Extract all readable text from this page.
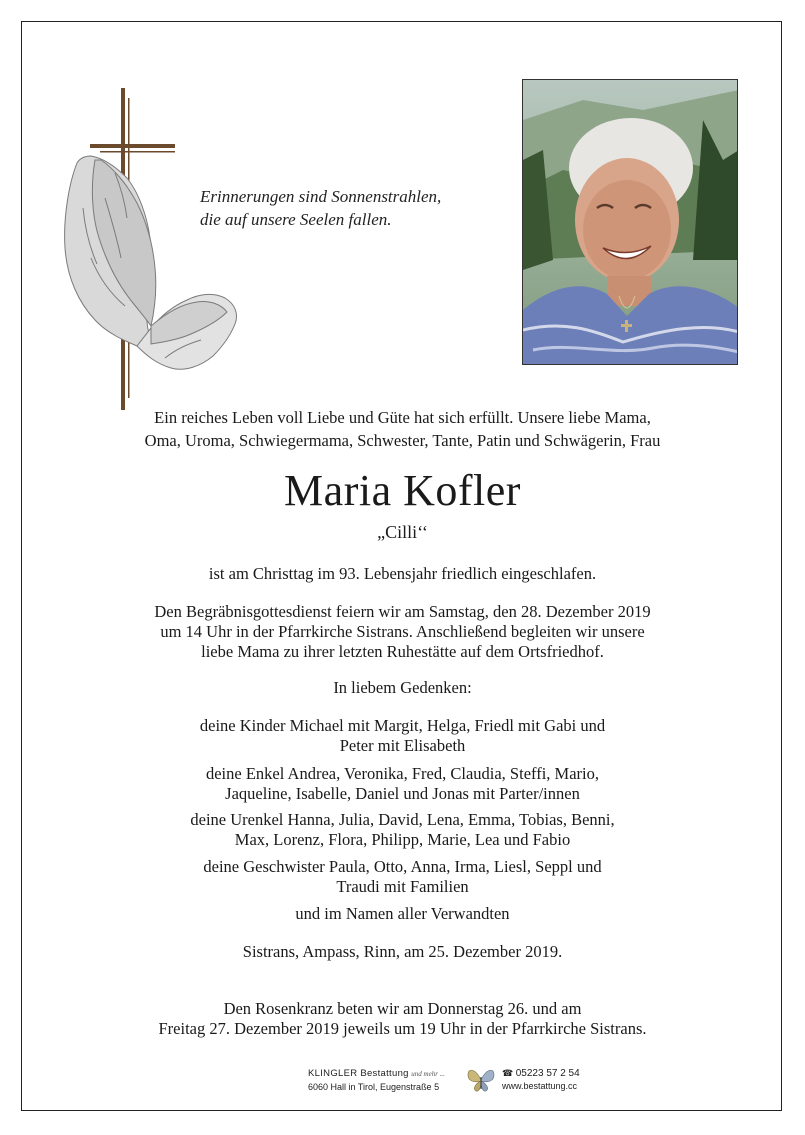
Erinnerungen sind Sonnenstrahlen,
die auf unsere Seelen fallen.
Ein reiches Leben voll Liebe und Güte hat sich erfüllt. Unsere liebe Mama,
Oma, Uroma, Schwiegermama, Schwester, Tante, Patin und Schwägerin, Frau
Maria Kofler
„Cilli‘‘
ist am Christtag im 93. Lebensjahr friedlich eingeschlafen.
Den Begräbnisgottesdienst feiern wir am Samstag, den 28. Dezember 2019
um 14 Uhr in der Pfarrkirche Sistrans. Anschließend begleiten wir unsere
liebe Mama zu ihrer letzten Ruhestätte auf dem Ortsfriedhof.
In liebem Gedenken:
deine Kinder Michael mit Margit, Helga, Friedl mit Gabi und
Peter mit Elisabeth
deine Enkel Andrea, Veronika, Fred, Claudia, Steffi, Mario,
Jaqueline, Isabelle, Daniel und Jonas mit Parter/innen
deine Urenkel Hanna, Julia, David, Lena, Emma, Tobias, Benni,
Max, Lorenz, Flora, Philipp, Marie, Lea und Fabio
deine Geschwister Paula, Otto, Anna, Irma, Liesl, Seppl und
Traudi mit Familien
und im Namen aller Verwandten
Sistrans, Ampass, Rinn, am 25. Dezember 2019.
Den Rosenkranz beten wir am Donnerstag 26. und am
Freitag 27. Dezember 2019 jeweils um 19 Uhr in der Pfarrkirche Sistrans.
KLINGLER Bestattung und mehr ...
6060 Hall in Tirol, Eugenstraße 5
☎ 05223 57 2 54
www.bestattung.cc
